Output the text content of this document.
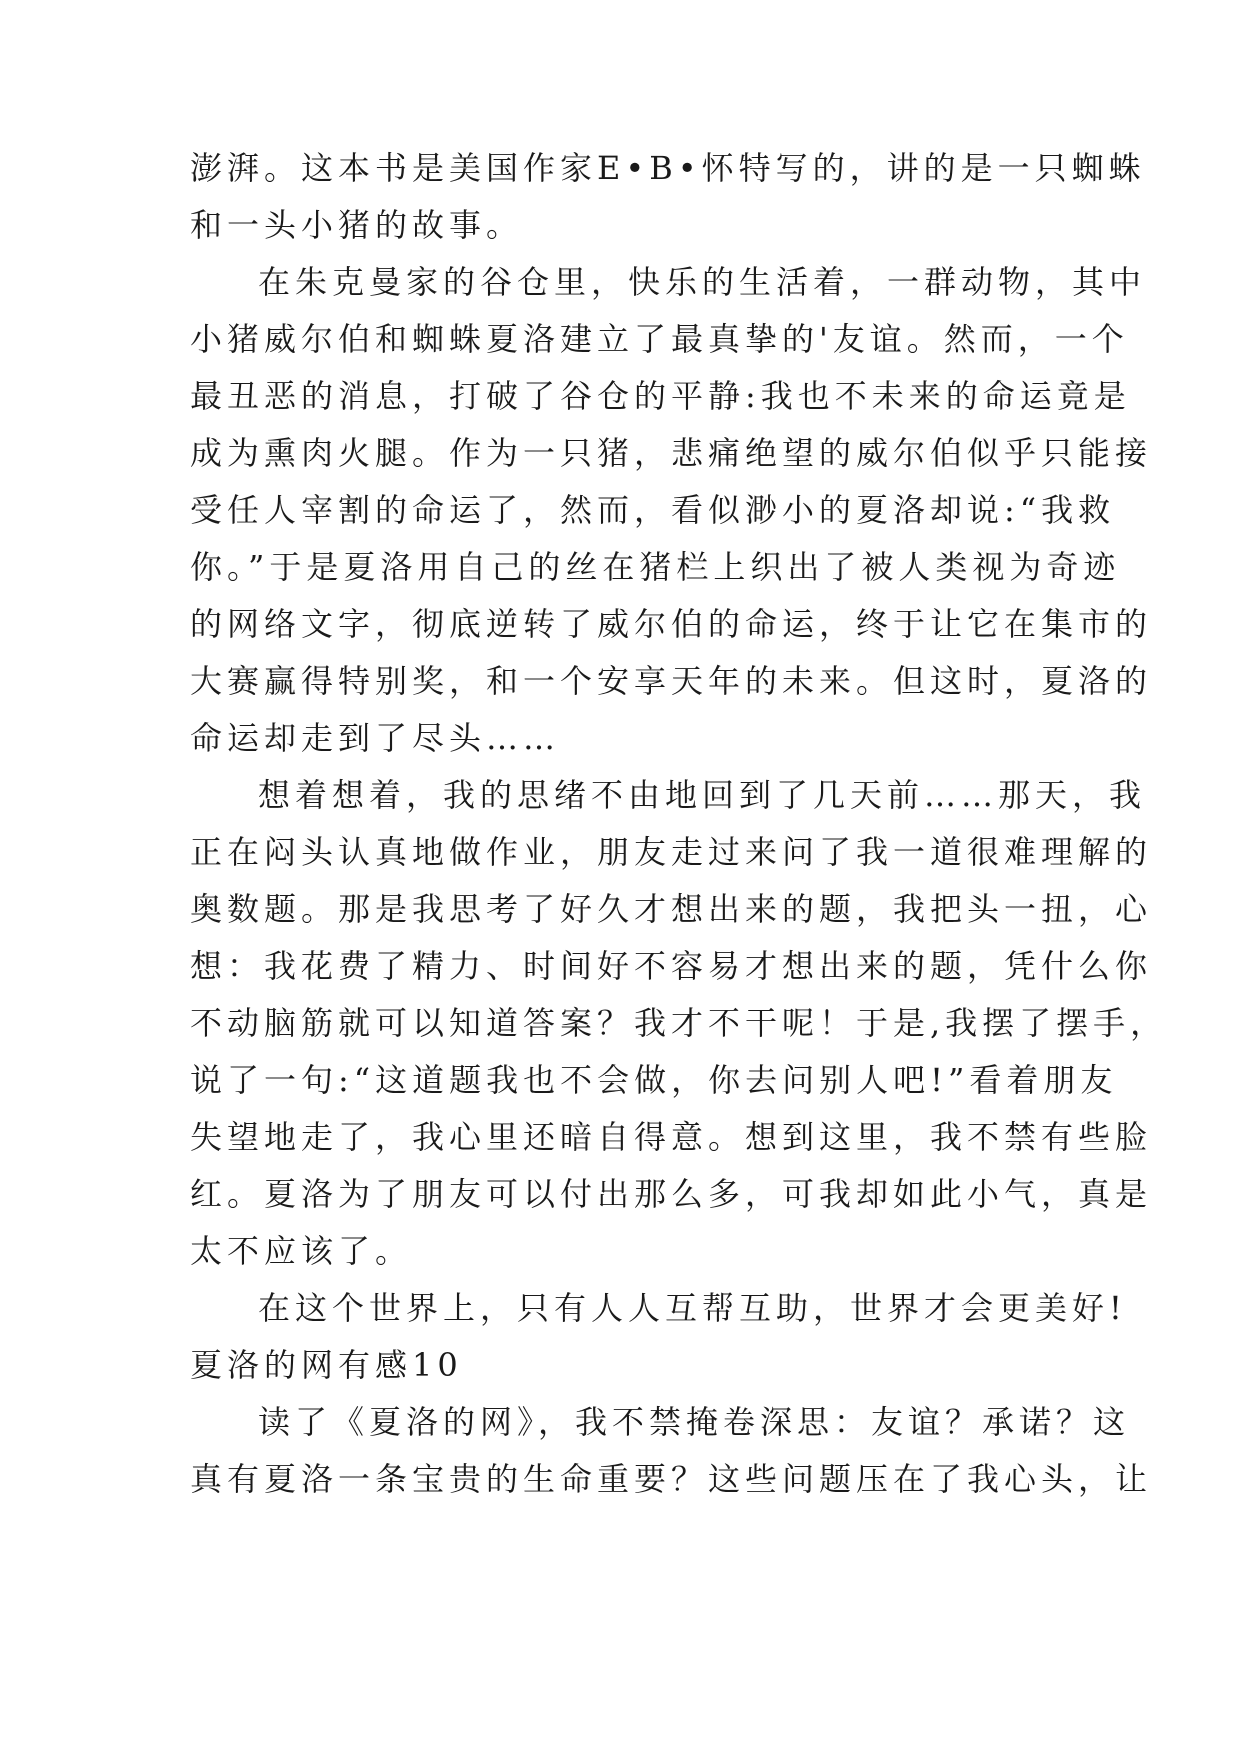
澎湃。这本书是美国作家E•B•怀特写的，讲的是一只蜘蛛
和一头小猪的故事。
在朱克曼家的谷仓里，快乐的生活着，一群动物，其中
小猪威尔伯和蜘蛛夏洛建立了最真挚的'友谊。然而，一个
最丑恶的消息，打破了谷仓的平静:我也不未来的命运竟是
成为熏肉火腿。作为一只猪，悲痛绝望的威尔伯似乎只能接
受任人宰割的命运了，然而，看似渺小的夏洛却说:“我救
你。”于是夏洛用自己的丝在猪栏上织出了被人类视为奇迹
的网络文字，彻底逆转了威尔伯的命运，终于让它在集市的
大赛赢得特别奖，和一个安享天年的未来。但这时，夏洛的
命运却走到了尽头……
想着想着，我的思绪不由地回到了几天前……那天，我
正在闷头认真地做作业，朋友走过来问了我一道很难理解的
奥数题。那是我思考了好久才想出来的题，我把头一扭，心
想：我花费了精力、时间好不容易才想出来的题，凭什么你
不动脑筋就可以知道答案？我才不干呢！于是,我摆了摆手，
说了一句:“这道题我也不会做，你去问别人吧!”看着朋友
失望地走了，我心里还暗自得意。想到这里，我不禁有些脸
红。夏洛为了朋友可以付出那么多，可我却如此小气，真是
太不应该了。
在这个世界上，只有人人互帮互助，世界才会更美好!
夏洛的网有感10
读了《夏洛的网》，我不禁掩卷深思：友谊？承诺？这
真有夏洛一条宝贵的生命重要？这些问题压在了我心头，让
